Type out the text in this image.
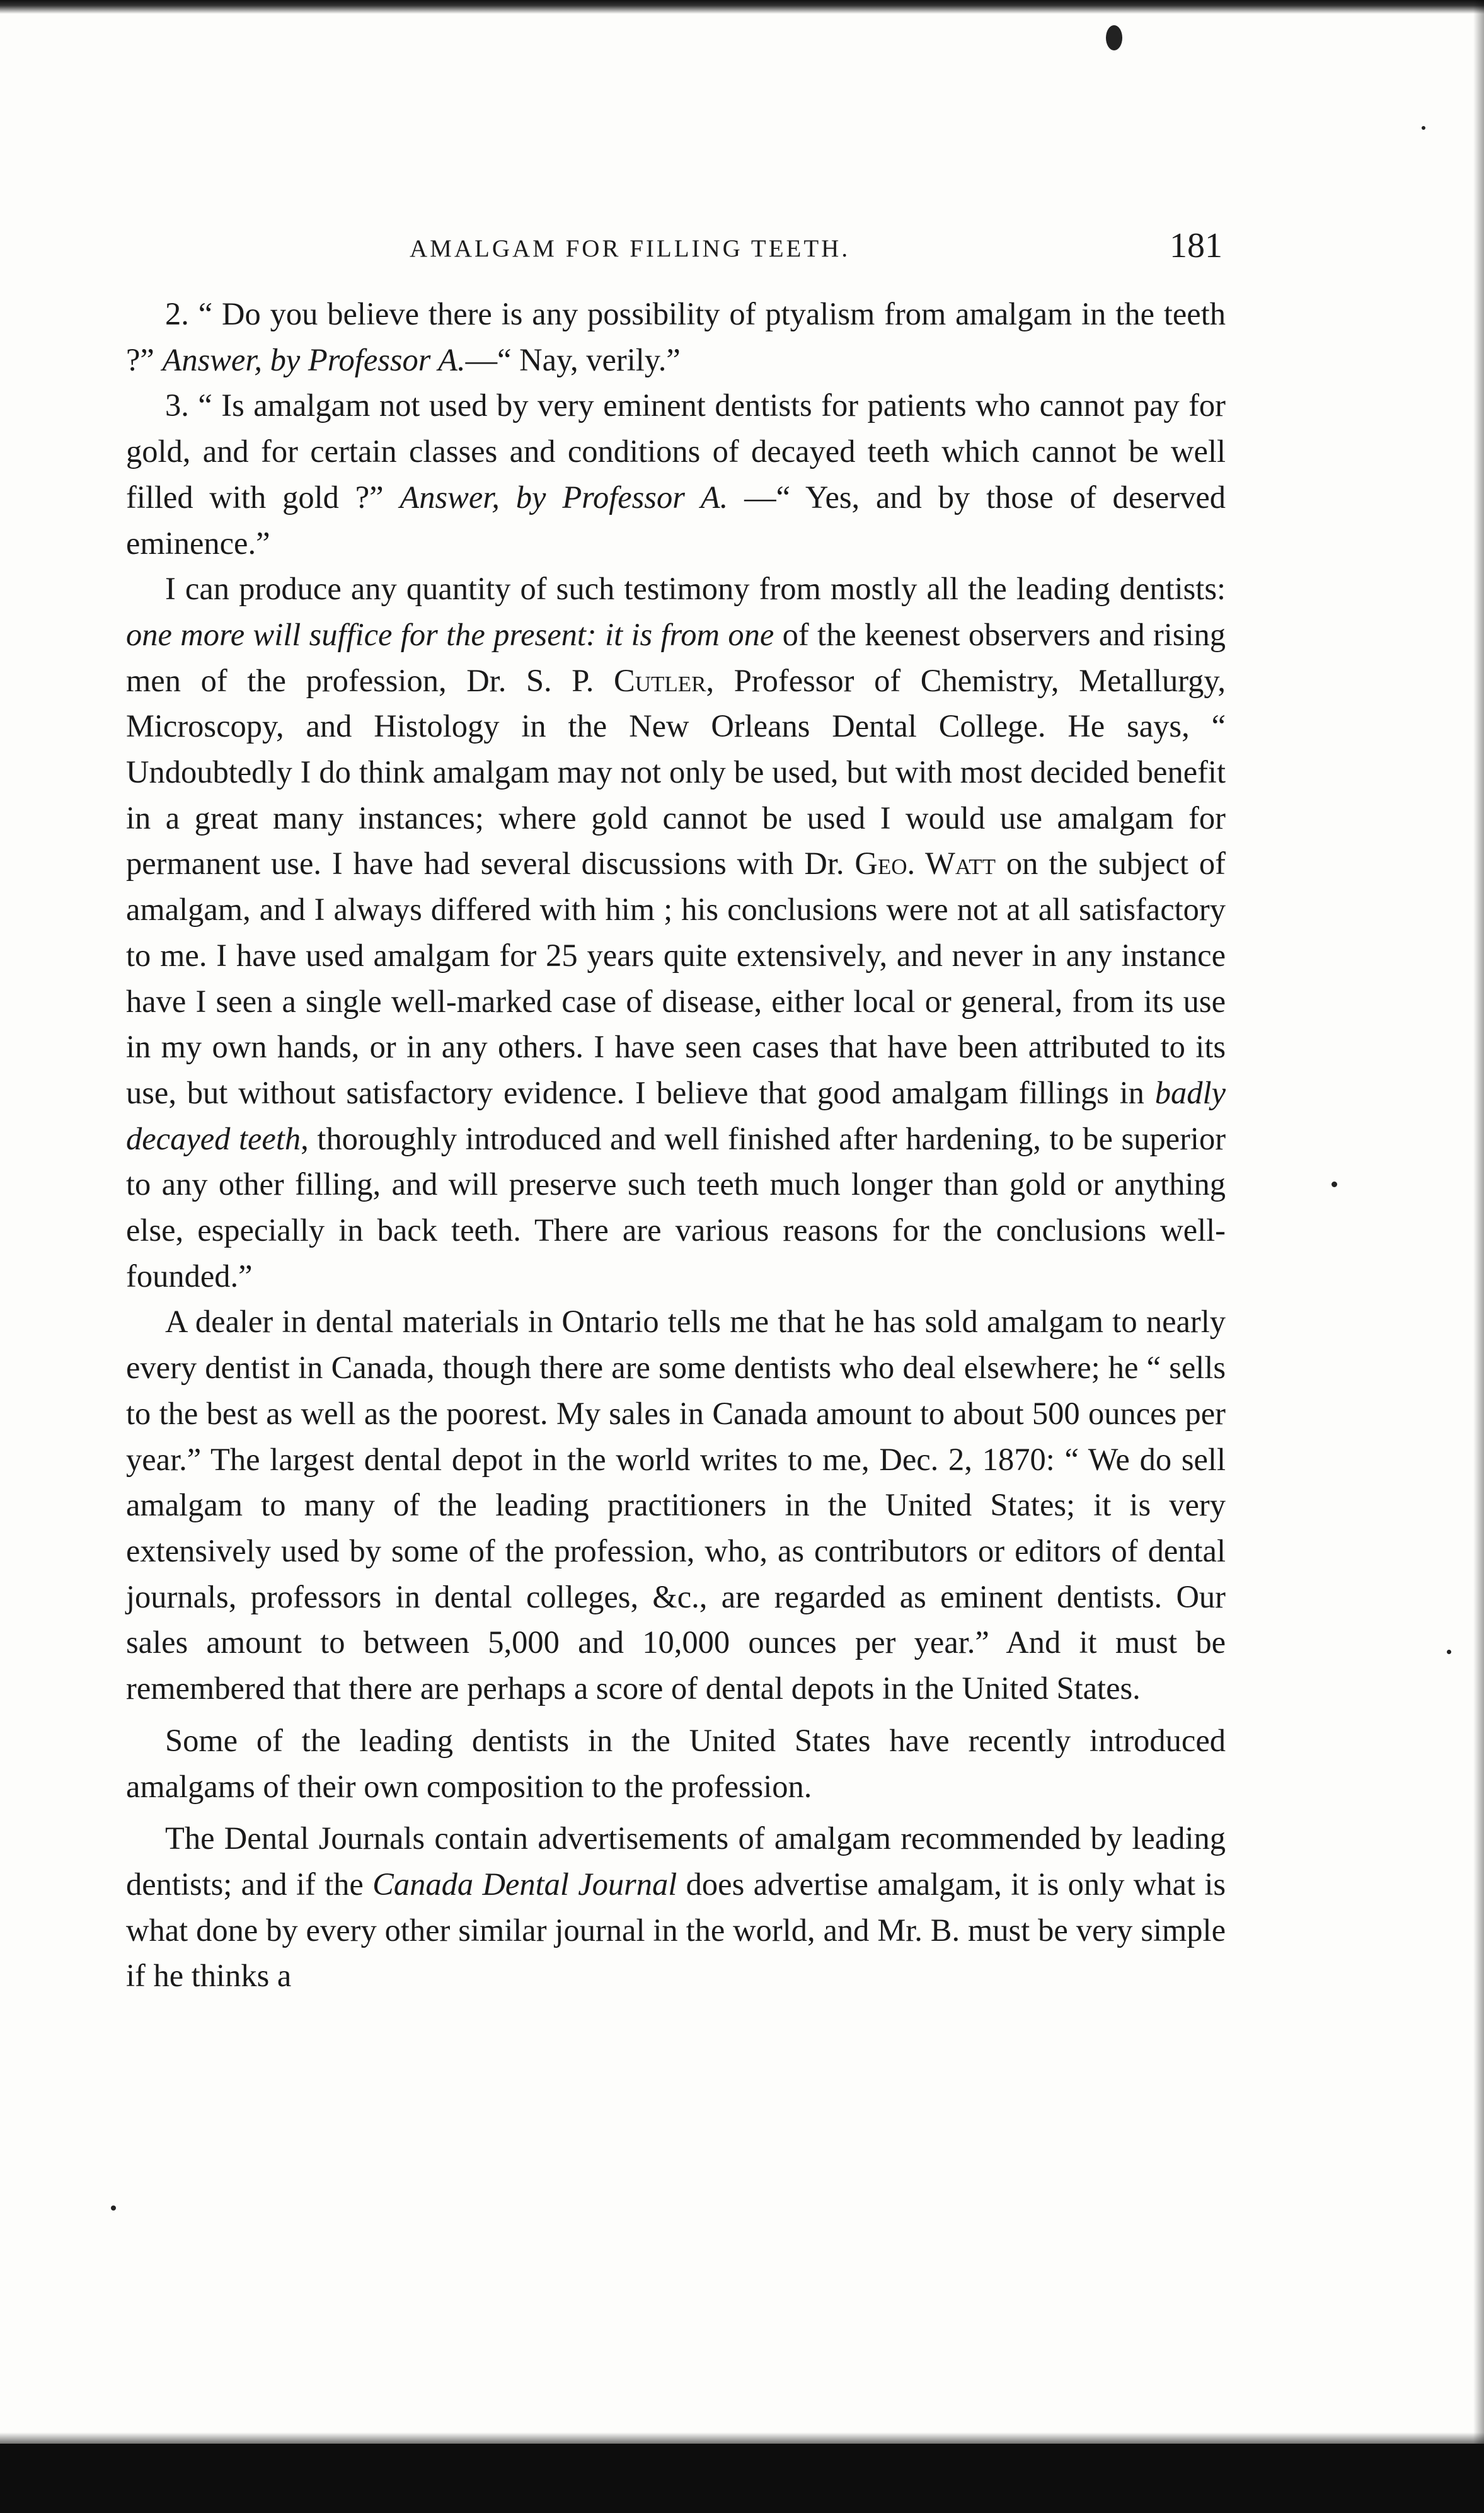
AMALGAM FOR FILLING TEETH.	181

2. “ Do you believe there is any possibility of ptyalism from amalgam in the teeth ?” Answer, by Professor A.—“ Nay, verily.”

3. “ Is amalgam not used by very eminent dentists for patients who cannot pay for gold, and for certain classes and conditions of decayed teeth which cannot be well filled with gold ?” Answer, by Professor A. —“ Yes, and by those of deserved eminence.”

I can produce any quantity of such testimony from mostly all the leading dentists: one more will suffice for the present: it is from one of the keenest observers and rising men of the profession, Dr. S. P. Cutler, Professor of Chemistry, Metallurgy, Microscopy, and Histology in the New Orleans Dental College. He says, “ Undoubtedly I do think amalgam may not only be used, but with most decided benefit in a great many instances; where gold cannot be used I would use amalgam for permanent use. I have had several discussions with Dr. Geo. Watt on the subject of amalgam, and I always differed with him ; his conclusions were not at all satisfactory to me. I have used amalgam for 25 years quite extensively, and never in any instance have I seen a single well-marked case of disease, either local or general, from its use in my own hands, or in any others. I have seen cases that have been attributed to its use, but without satisfactory evidence. I believe that good amalgam fillings in badly decayed teeth, thoroughly introduced and well finished after hardening, to be superior to any other filling, and will preserve such teeth much longer than gold or anything else, especially in back teeth. There are various reasons for the conclusions well-founded.”

A dealer in dental materials in Ontario tells me that he has sold amalgam to nearly every dentist in Canada, though there are some dentists who deal elsewhere; he “ sells to the best as well as the poorest. My sales in Canada amount to about 500 ounces per year.” The largest dental depot in the world writes to me, Dec. 2, 1870: “ We do sell amalgam to many of the leading practitioners in the United States; it is very extensively used by some of the profession, who, as contributors or editors of dental journals, professors in dental colleges, &c., are regarded as eminent dentists. Our sales amount to between 5,000 and 10,000 ounces per year.” And it must be remembered that there are perhaps a score of dental depots in the United States.

Some of the leading dentists in the United States have recently introduced amalgams of their own composition to the profession.

The Dental Journals contain advertisements of amalgam recommended by leading dentists; and if the Canada Dental Journal does advertise amalgam, it is only what is what done by every other similar journal in the world, and Mr. B. must be very simple if he thinks a
